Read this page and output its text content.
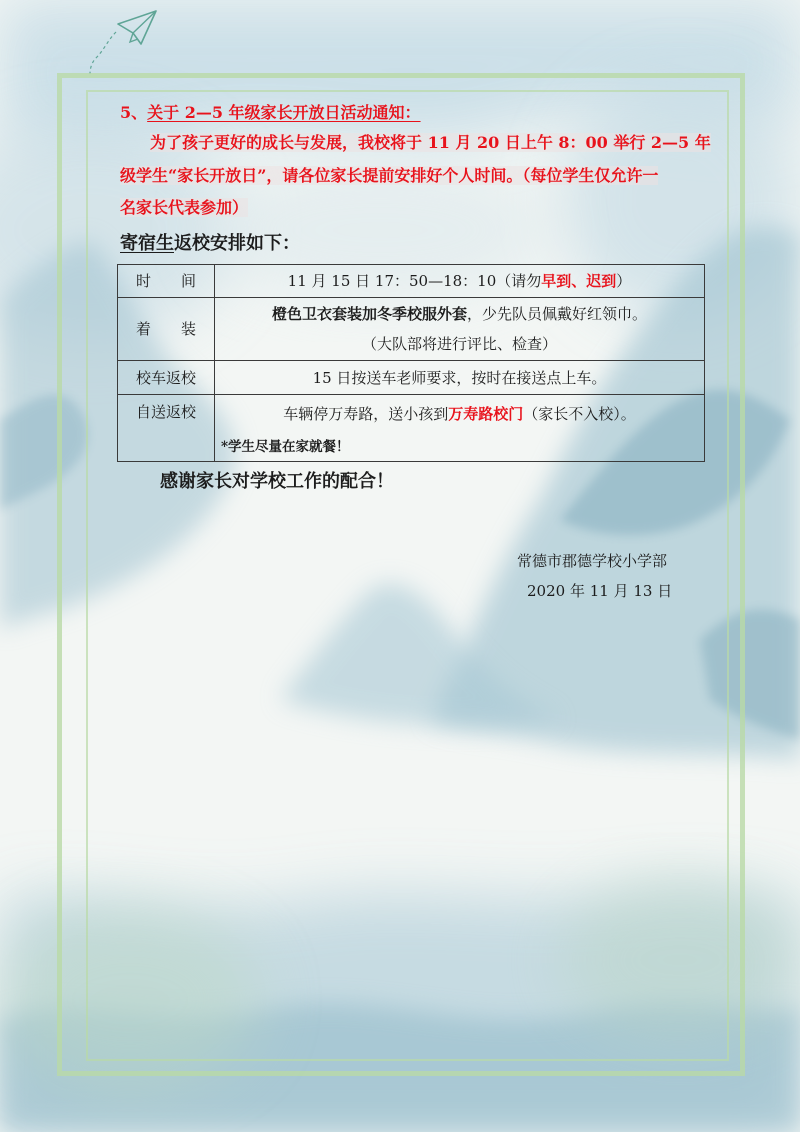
5、关于 2—5 年级家长开放日活动通知：
为了孩子更好的成长与发展，我校将于 11 月 20 日上午 8：00 举行 2—5 年
级学生“家长开放日”，请各位家长提前安排好个人时间。（每位学生仅允许一
名家长代表参加）
寄宿生返校安排如下：
时　　间	11 月 15 日 17：50—18：10（请勿早到、迟到）
着　　装	橙色卫衣套装加冬季校服外套，少先队员佩戴好红领巾。
（大队部将进行评比、检查）

校车返校	15 日按送车老师要求，按时在接送点上车。
自送返校	车辆停万寿路，送小孩到万寿路校门（家长不入校）。
*学生尽量在家就餐！
感谢家长对学校工作的配合！
常德市郡德学校小学部
2020 年 11 月 13 日
